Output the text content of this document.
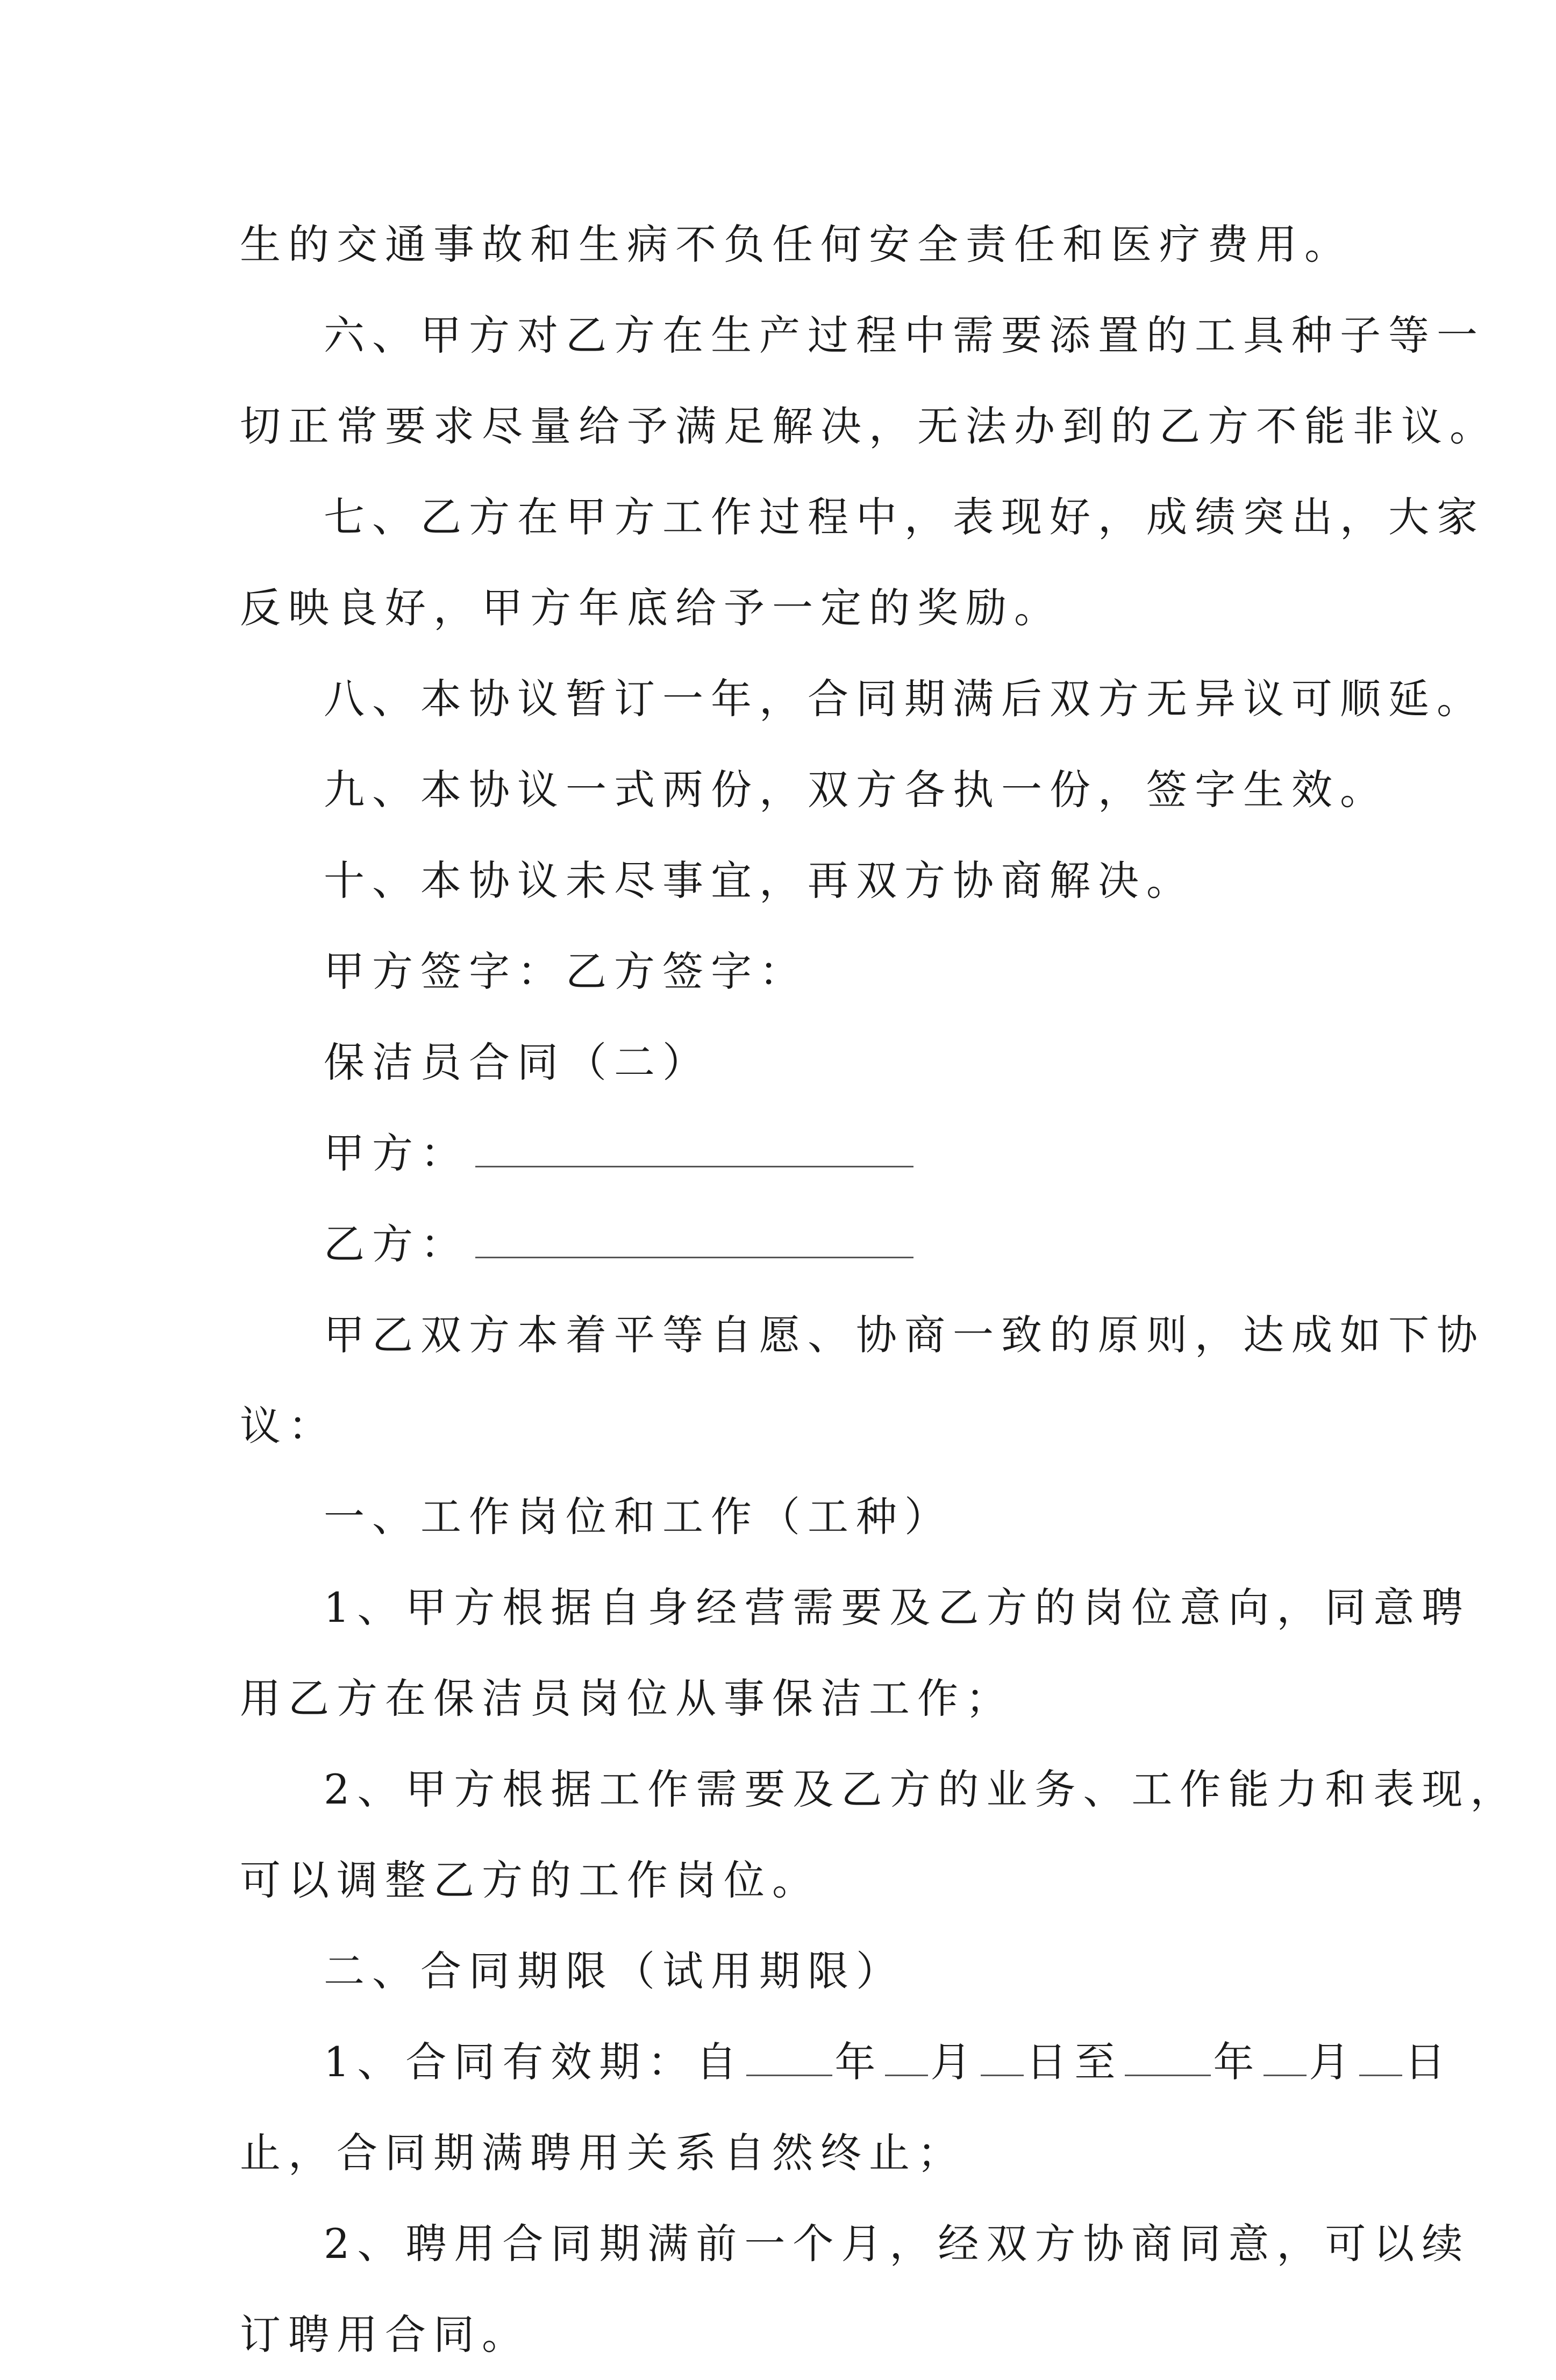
生的交通事故和生病不负任何安全责任和医疗费用。
六、甲方对乙方在生产过程中需要添置的工具种子等一
切正常要求尽量给予满足解决，无法办到的乙方不能非议。
七、乙方在甲方工作过程中，表现好，成绩突出，大家
反映良好，甲方年底给予一定的奖励。
八、本协议暂订一年，合同期满后双方无异议可顺延。
九、本协议一式两份，双方各执一份，签字生效。
十、本协议未尽事宜，再双方协商解决。
甲方签字：乙方签字：
保洁员合同（二）
甲方：
乙方：
甲乙双方本着平等自愿、协商一致的原则，达成如下协
议：
一、工作岗位和工作（工种）
1、甲方根据自身经营需要及乙方的岗位意向，同意聘
用乙方在保洁员岗位从事保洁工作；
2、甲方根据工作需要及乙方的业务、工作能力和表现，
可以调整乙方的工作岗位。
二、合同期限（试用期限）
1、合同有效期：自 年 月 日至 年 月 日
止，合同期满聘用关系自然终止；
2、聘用合同期满前一个月，经双方协商同意，可以续
订聘用合同。
